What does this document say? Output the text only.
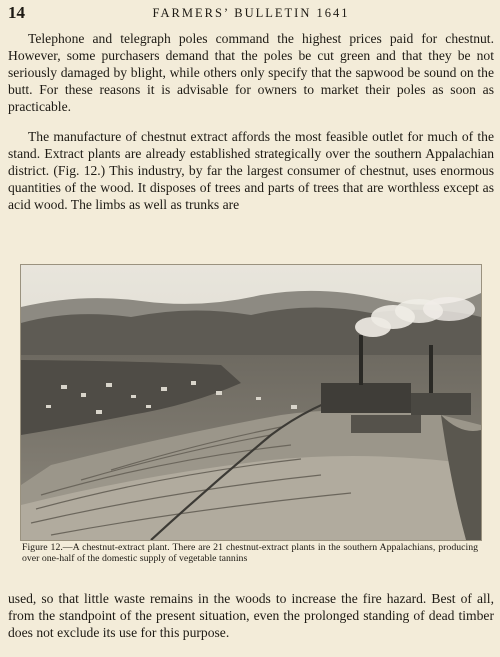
14	FARMERS’ BULLETIN 1641
Telephone and telegraph poles command the highest prices paid for chestnut. However, some purchasers demand that the poles be cut green and that they be not seriously damaged by blight, while others only specify that the sapwood be sound on the butt. For these reasons it is advisable for owners to market their poles as soon as practicable.
The manufacture of chestnut extract affords the most feasible outlet for much of the stand. Extract plants are already established strategically over the southern Appalachian district. (Fig. 12.) This industry, by far the largest consumer of chestnut, uses enormous quantities of the wood. It disposes of trees and parts of trees that are worthless except as acid wood. The limbs as well as trunks are
Figure 12.—A chestnut-extract plant. There are 21 chestnut-extract plants in the southern Appalachians, producing over one-half of the domestic supply of vegetable tannins
used, so that little waste remains in the woods to increase the fire hazard. Best of all, from the standpoint of the present situation, even the prolonged standing of dead timber does not exclude its use for this purpose.
